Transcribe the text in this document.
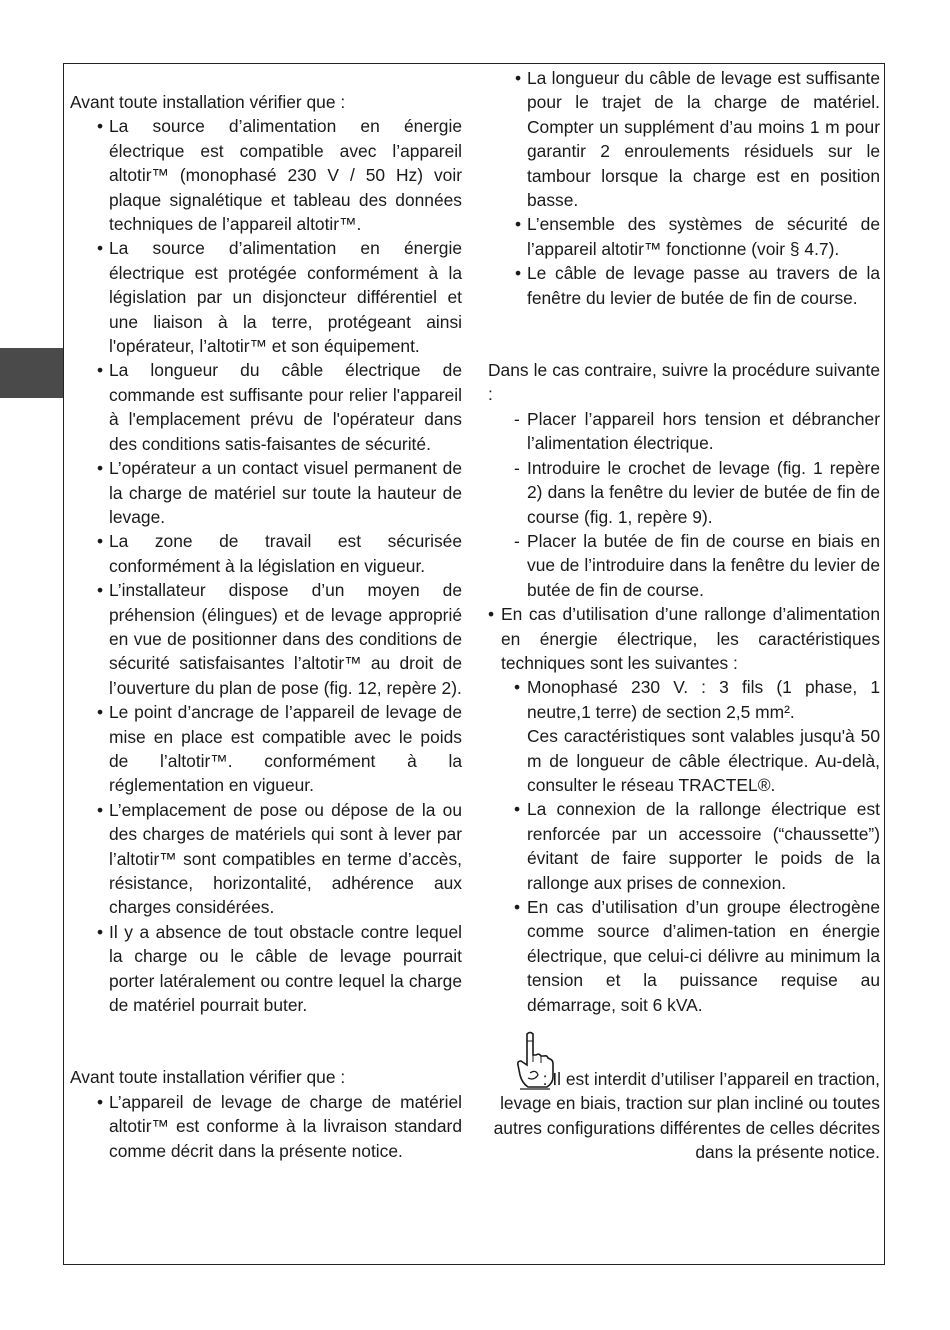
Avant toute installation vérifier que :

• La source d’alimentation en énergie électrique est compatible avec l’appareil altotir™ (monophasé 230 V / 50 Hz) voir plaque signalétique et tableau des données techniques de l’appareil altotir™.
• La source d’alimentation en énergie électrique est protégée conformément à la législation par un disjoncteur différentiel et une liaison à la terre, protégeant ainsi l'opérateur, l’altotir™ et son équipement.
• La longueur du câble électrique de commande est suffisante pour relier l'appareil à l'emplacement prévu de l'opérateur dans des conditions satis-faisantes de sécurité.
• L’opérateur a un contact visuel permanent de la charge de matériel sur toute la hauteur de levage.
• La zone de travail est sécurisée conformément à la législation en vigueur.
• L’installateur dispose d’un moyen de préhension (élingues) et de levage approprié en vue de positionner dans des conditions de sécurité satisfaisantes l’altotir™ au droit de l’ouverture du plan de pose (fig. 12, repère 2).
• Le point d’ancrage de l’appareil de levage de mise en place est compatible avec le poids de l’altotir™. conformément à la réglementation en vigueur.
• L’emplacement de pose ou dépose de la ou des charges de matériels qui sont à lever par l’altotir™ sont compatibles en terme d’accès, résistance, horizontalité, adhérence aux charges considérées.
• Il y a absence de tout obstacle contre lequel la charge ou le câble de levage pourrait porter latéralement ou contre lequel la charge de matériel pourrait buter.

Avant toute installation vérifier que :

• L’appareil de levage de charge de matériel altotir™ est conforme à la livraison standard comme décrit dans la présente notice.
• La longueur du câble de levage est suffisante pour le trajet de la charge de matériel. Compter un supplément d’au moins 1 m pour garantir 2 enroulements résiduels sur le tambour lorsque la charge est en position basse.
• L’ensemble des systèmes de sécurité de l’appareil altotir™ fonctionne (voir § 4.7).
• Le câble de levage passe au travers de la fenêtre du levier de butée de fin de course.

Dans le cas contraire, suivre la procédure suivante :

- Placer l’appareil hors tension et débrancher l’alimentation électrique.
- Introduire le crochet de levage (fig. 1 repère 2) dans la fenêtre du levier de butée de fin de course (fig. 1, repère 9).
- Placer la butée de fin de course en biais en vue de l’introduire dans la fenêtre du levier de butée de fin de course.
• En cas d’utilisation d’une rallonge d’alimentation en énergie électrique, les caractéristiques techniques sont les suivantes :
• Monophasé 230 V. : 3 fils (1 phase, 1 neutre,1 terre) de section 2,5 mm².
Ces caractéristiques sont valables jusqu'à 50 m de longueur de câble électrique. Au-delà, consulter le réseau TRACTEL®.
• La connexion de la rallonge électrique est renforcée par un accessoire (“chaussette”) évitant de faire supporter le poids de la rallonge aux prises de connexion.
• En cas d’utilisation d’un groupe électrogène comme source d’alimen-tation en énergie électrique, que celui-ci délivre au minimum la tension et la puissance requise au démarrage, soit 6 kVA.

: Il est interdit d’utiliser l’appareil en traction, levage en biais, traction sur plan incliné ou toutes autres configurations différentes de celles décrites dans la présente notice.
